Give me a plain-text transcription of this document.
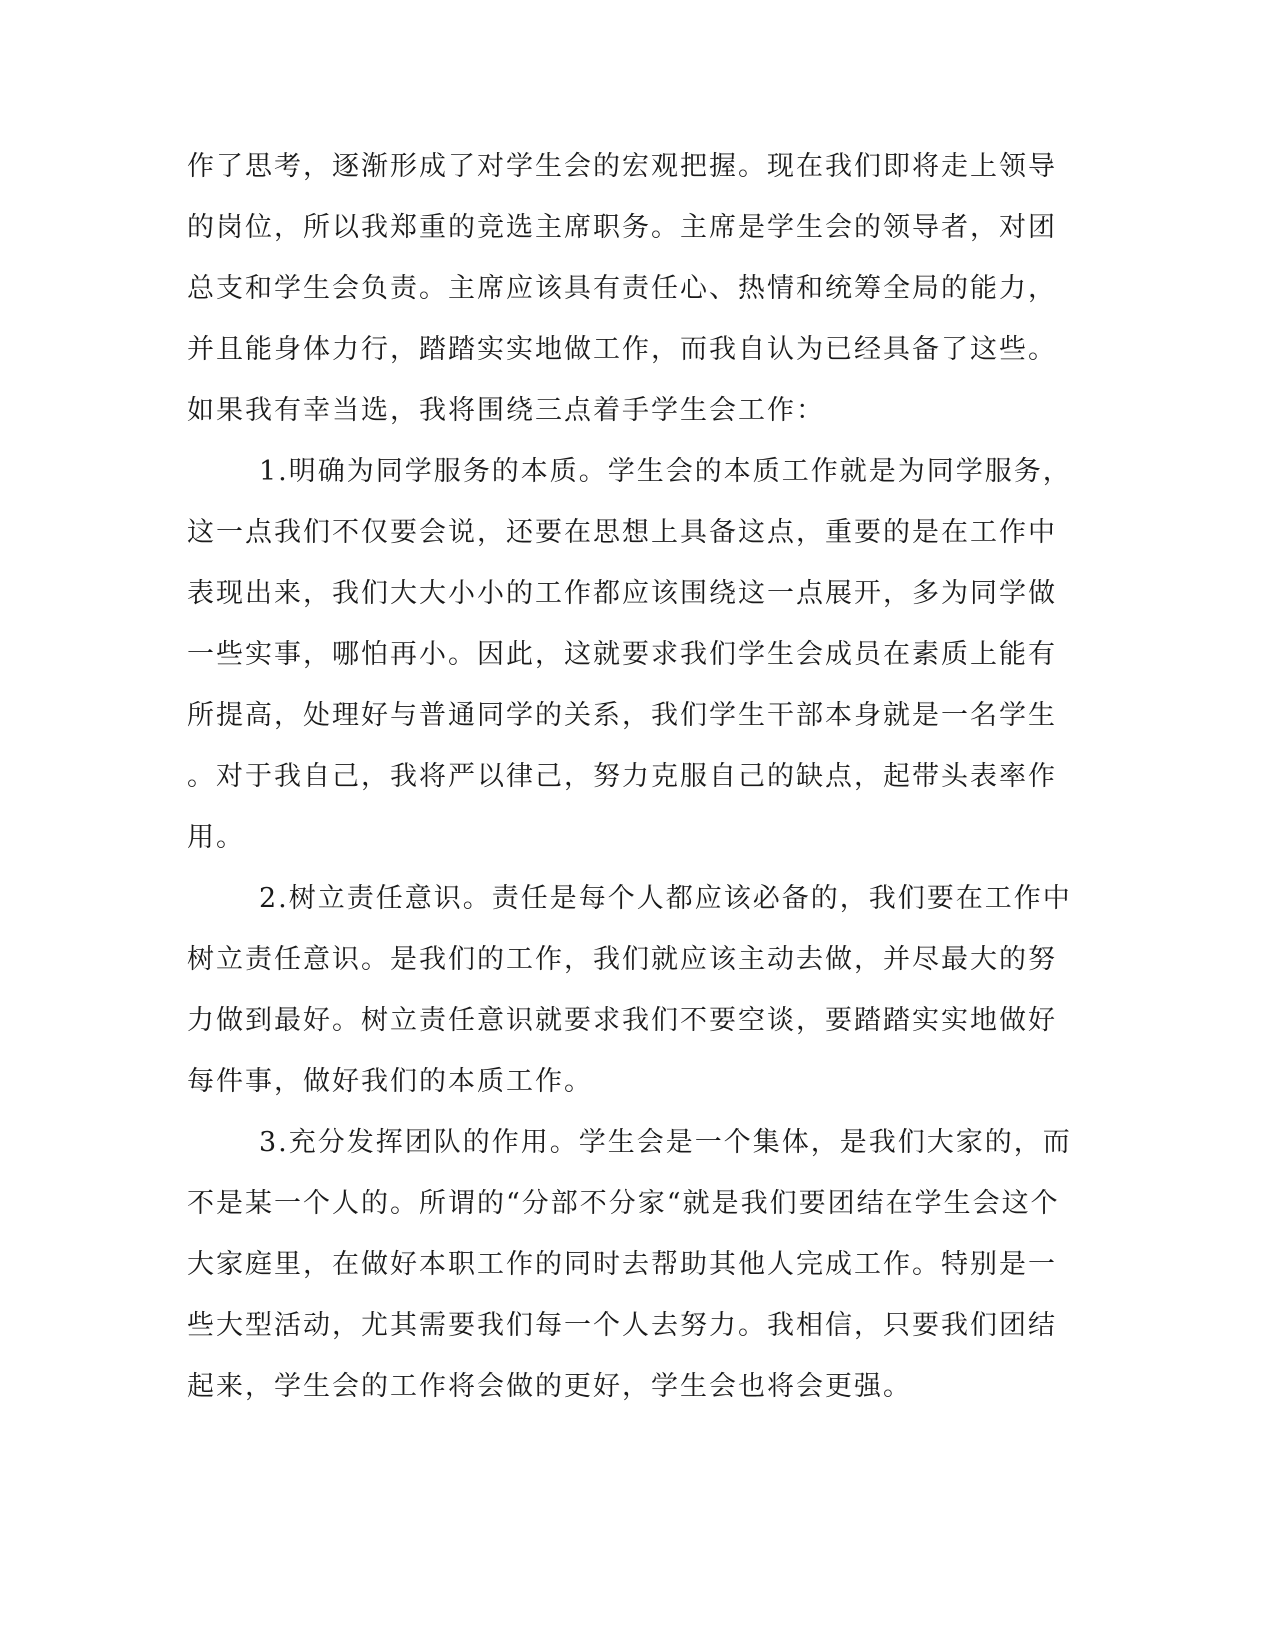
作了思考，逐渐形成了对学生会的宏观把握。现在我们即将走上领导
的岗位，所以我郑重的竞选主席职务。主席是学生会的领导者，对团
总支和学生会负责。主席应该具有责任心、热情和统筹全局的能力，
并且能身体力行，踏踏实实地做工作，而我自认为已经具备了这些。
如果我有幸当选，我将围绕三点着手学生会工作：
1.明确为同学服务的本质。学生会的本质工作就是为同学服务，
这一点我们不仅要会说，还要在思想上具备这点，重要的是在工作中
表现出来，我们大大小小的工作都应该围绕这一点展开，多为同学做
一些实事，哪怕再小。因此，这就要求我们学生会成员在素质上能有
所提高，处理好与普通同学的关系，我们学生干部本身就是一名学生
。对于我自己，我将严以律己，努力克服自己的缺点，起带头表率作
用。
2.树立责任意识。责任是每个人都应该必备的，我们要在工作中
树立责任意识。是我们的工作，我们就应该主动去做，并尽最大的努
力做到最好。树立责任意识就要求我们不要空谈，要踏踏实实地做好
每件事，做好我们的本质工作。
3.充分发挥团队的作用。学生会是一个集体，是我们大家的，而
不是某一个人的。所谓的“分部不分家“就是我们要团结在学生会这个
大家庭里，在做好本职工作的同时去帮助其他人完成工作。特别是一
些大型活动，尤其需要我们每一个人去努力。我相信，只要我们团结
起来，学生会的工作将会做的更好，学生会也将会更强。
